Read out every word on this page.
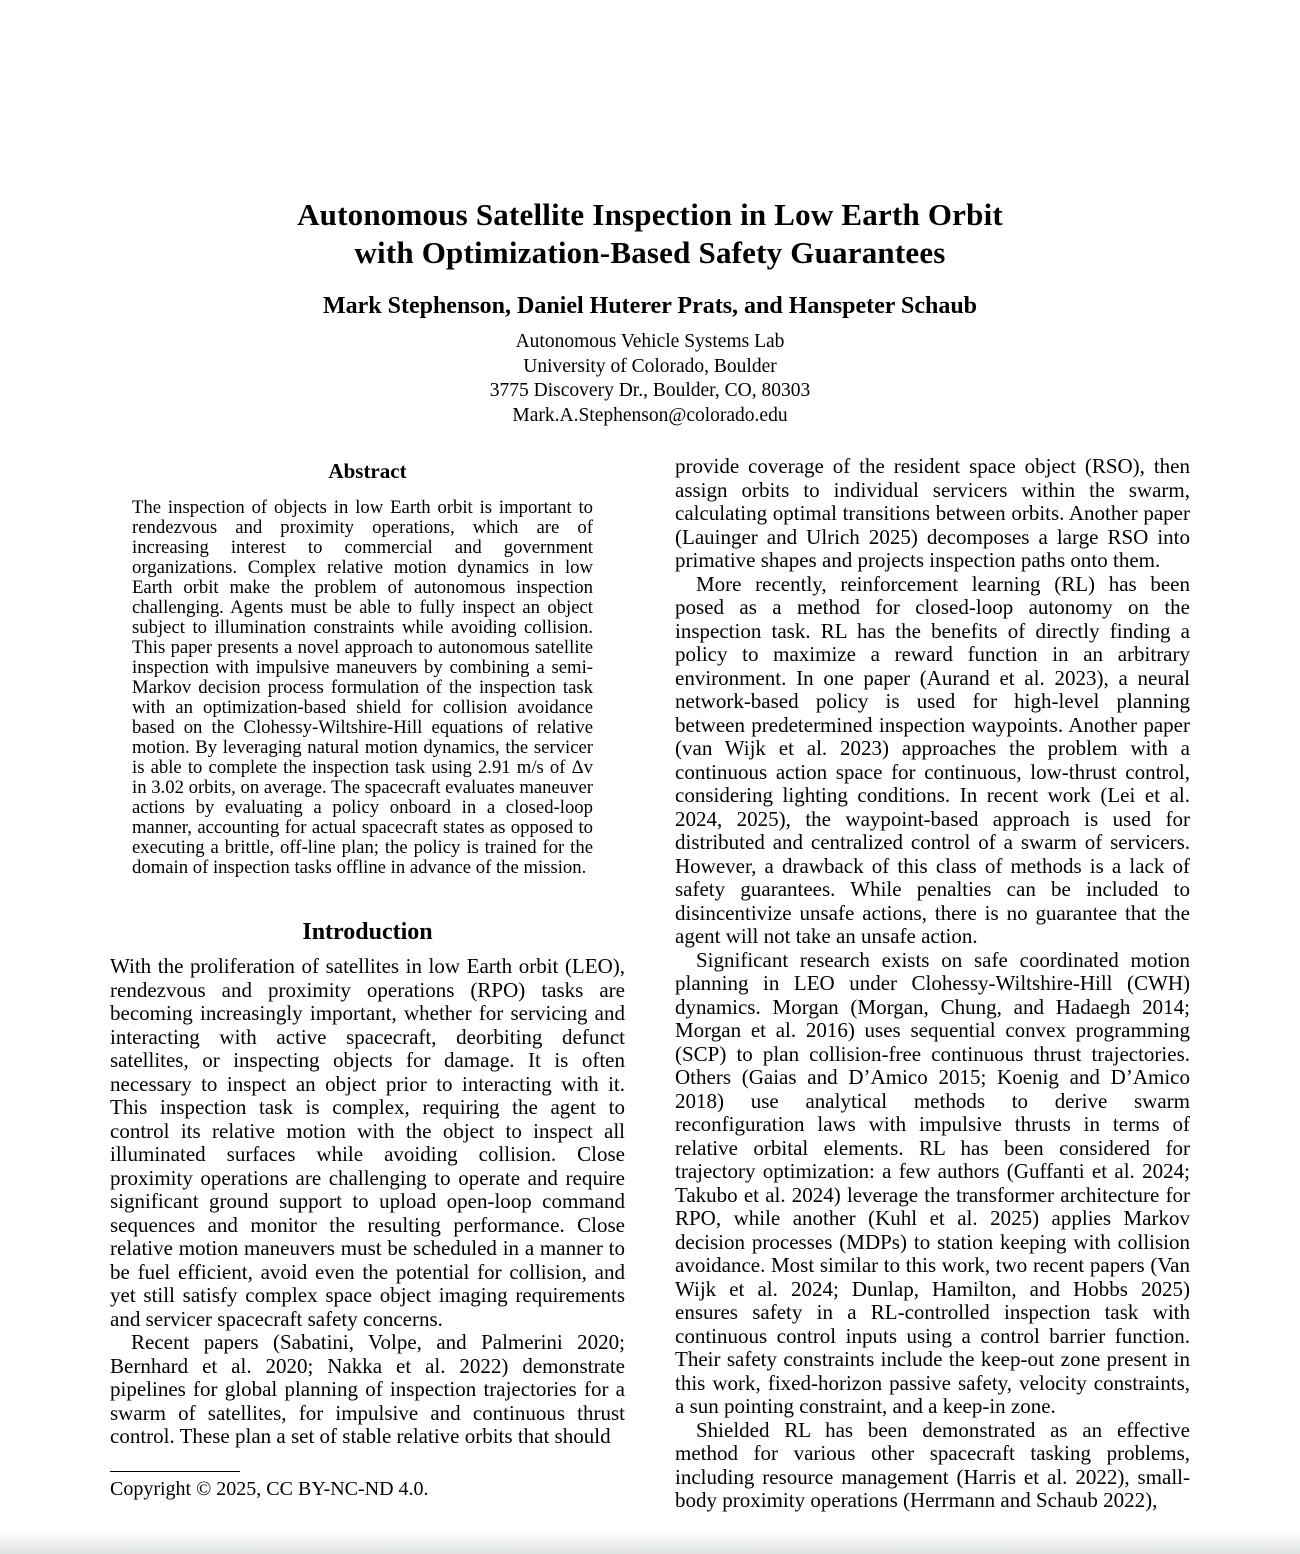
Autonomous Satellite Inspection in Low Earth Orbit
with Optimization-Based Safety Guarantees
Mark Stephenson, Daniel Huterer Prats, and Hanspeter Schaub
Autonomous Vehicle Systems Lab
University of Colorado, Boulder
3775 Discovery Dr., Boulder, CO, 80303
Mark.A.Stephenson@colorado.edu
Abstract

The inspection of objects in low Earth orbit is important to rendezvous and proximity operations, which are of increasing interest to commercial and government organizations. Complex relative motion dynamics in low Earth orbit make the problem of autonomous inspection challenging. Agents must be able to fully inspect an object subject to illumination constraints while avoiding collision. This paper presents a novel approach to autonomous satellite inspection with impulsive maneuvers by combining a semi-Markov decision process formulation of the inspection task with an optimization-based shield for collision avoidance based on the Clohessy-Wiltshire-Hill equations of relative motion. By leveraging natural motion dynamics, the servicer is able to complete the inspection task using 2.91 m/s of Δv in 3.02 orbits, on average. The spacecraft evaluates maneuver actions by evaluating a policy onboard in a closed-loop manner, accounting for actual spacecraft states as opposed to executing a brittle, off-line plan; the policy is trained for the domain of inspection tasks offline in advance of the mission.

Introduction

With the proliferation of satellites in low Earth orbit (LEO), rendezvous and proximity operations (RPO) tasks are becoming increasingly important, whether for servicing and interacting with active spacecraft, deorbiting defunct satellites, or inspecting objects for damage. It is often necessary to inspect an object prior to interacting with it. This inspection task is complex, requiring the agent to control its relative motion with the object to inspect all illuminated surfaces while avoiding collision. Close proximity operations are challenging to operate and require significant ground support to upload open-loop command sequences and monitor the resulting performance. Close relative motion maneuvers must be scheduled in a manner to be fuel efficient, avoid even the potential for collision, and yet still satisfy complex space object imaging requirements and servicer spacecraft safety concerns.

Recent papers (Sabatini, Volpe, and Palmerini 2020; Bernhard et al. 2020; Nakka et al. 2022) demonstrate pipelines for global planning of inspection trajectories for a swarm of satellites, for impulsive and continuous thrust control. These plan a set of stable relative orbits that should

provide coverage of the resident space object (RSO), then assign orbits to individual servicers within the swarm, calculating optimal transitions between orbits. Another paper (Lauinger and Ulrich 2025) decomposes a large RSO into primative shapes and projects inspection paths onto them.

More recently, reinforcement learning (RL) has been posed as a method for closed-loop autonomy on the inspection task. RL has the benefits of directly finding a policy to maximize a reward function in an arbitrary environment. In one paper (Aurand et al. 2023), a neural network-based policy is used for high-level planning between predetermined inspection waypoints. Another paper (van Wijk et al. 2023) approaches the problem with a continuous action space for continuous, low-thrust control, considering lighting conditions. In recent work (Lei et al. 2024, 2025), the waypoint-based approach is used for distributed and centralized control of a swarm of servicers. However, a drawback of this class of methods is a lack of safety guarantees. While penalties can be included to disincentivize unsafe actions, there is no guarantee that the agent will not take an unsafe action.

Significant research exists on safe coordinated motion planning in LEO under Clohessy-Wiltshire-Hill (CWH) dynamics. Morgan (Morgan, Chung, and Hadaegh 2014; Morgan et al. 2016) uses sequential convex programming (SCP) to plan collision-free continuous thrust trajectories. Others (Gaias and D’Amico 2015; Koenig and D’Amico 2018) use analytical methods to derive swarm reconfiguration laws with impulsive thrusts in terms of relative orbital elements. RL has been considered for trajectory optimization: a few authors (Guffanti et al. 2024; Takubo et al. 2024) leverage the transformer architecture for RPO, while another (Kuhl et al. 2025) applies Markov decision processes (MDPs) to station keeping with collision avoidance. Most similar to this work, two recent papers (Van Wijk et al. 2024; Dunlap, Hamilton, and Hobbs 2025) ensures safety in a RL-controlled inspection task with continuous control inputs using a control barrier function. Their safety constraints include the keep-out zone present in this work, fixed-horizon passive safety, velocity constraints, a sun pointing constraint, and a keep-in zone.

Shielded RL has been demonstrated as an effective method for various other spacecraft tasking problems, including resource management (Harris et al. 2022), small-body proximity operations (Herrmann and Schaub 2022),

Copyright © 2025, CC BY-NC-ND 4.0.
